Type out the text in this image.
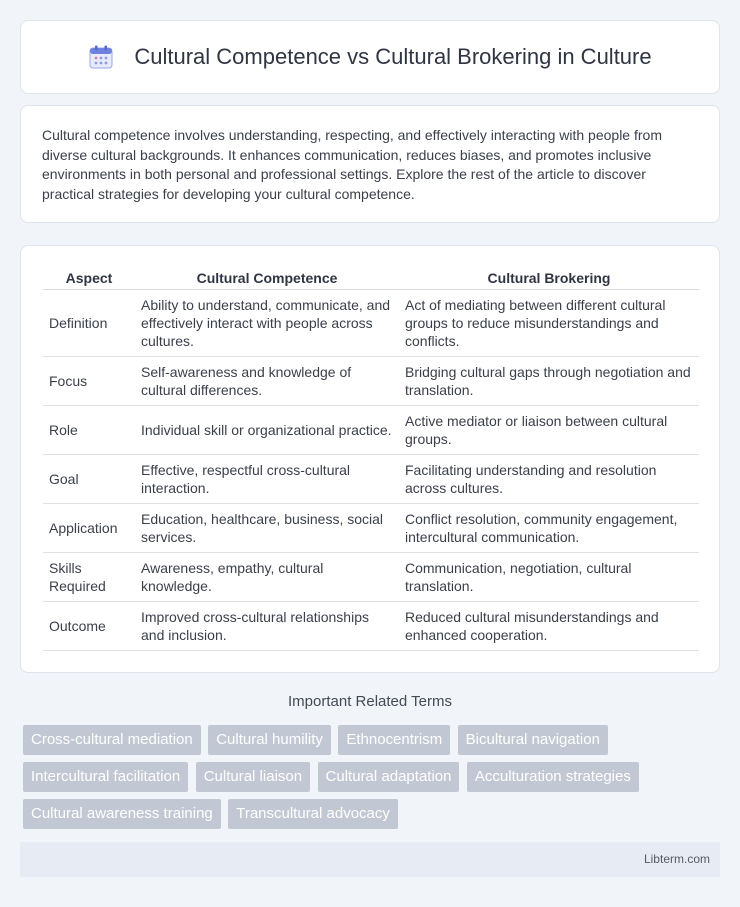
Cultural Competence vs Cultural Brokering in Culture

Cultural competence involves understanding, respecting, and effectively interacting with people from diverse cultural backgrounds. It enhances communication, reduces biases, and promotes inclusive environments in both personal and professional settings. Explore the rest of the article to discover practical strategies for developing your cultural competence.

Aspect	Cultural Competence	Cultural Brokering
Definition	Ability to understand, communicate, and effectively interact with people across cultures.	Act of mediating between different cultural groups to reduce misunderstandings and conflicts.
Focus	Self-awareness and knowledge of cultural differences.	Bridging cultural gaps through negotiation and translation.
Role	Individual skill or organizational practice.	Active mediator or liaison between cultural groups.
Goal	Effective, respectful cross-cultural interaction.	Facilitating understanding and resolution across cultures.
Application	Education, healthcare, business, social services.	Conflict resolution, community engagement, intercultural communication.
Skills Required	Awareness, empathy, cultural knowledge.	Communication, negotiation, cultural translation.
Outcome	Improved cross-cultural relationships and inclusion.	Reduced cultural misunderstandings and enhanced cooperation.
Important Related Terms
Cross-cultural mediation Cultural humility Ethnocentrism Bicultural navigation Intercultural facilitation Cultural liaison Cultural adaptation Acculturation strategies Cultural awareness training Transcultural advocacy
Libterm.com
